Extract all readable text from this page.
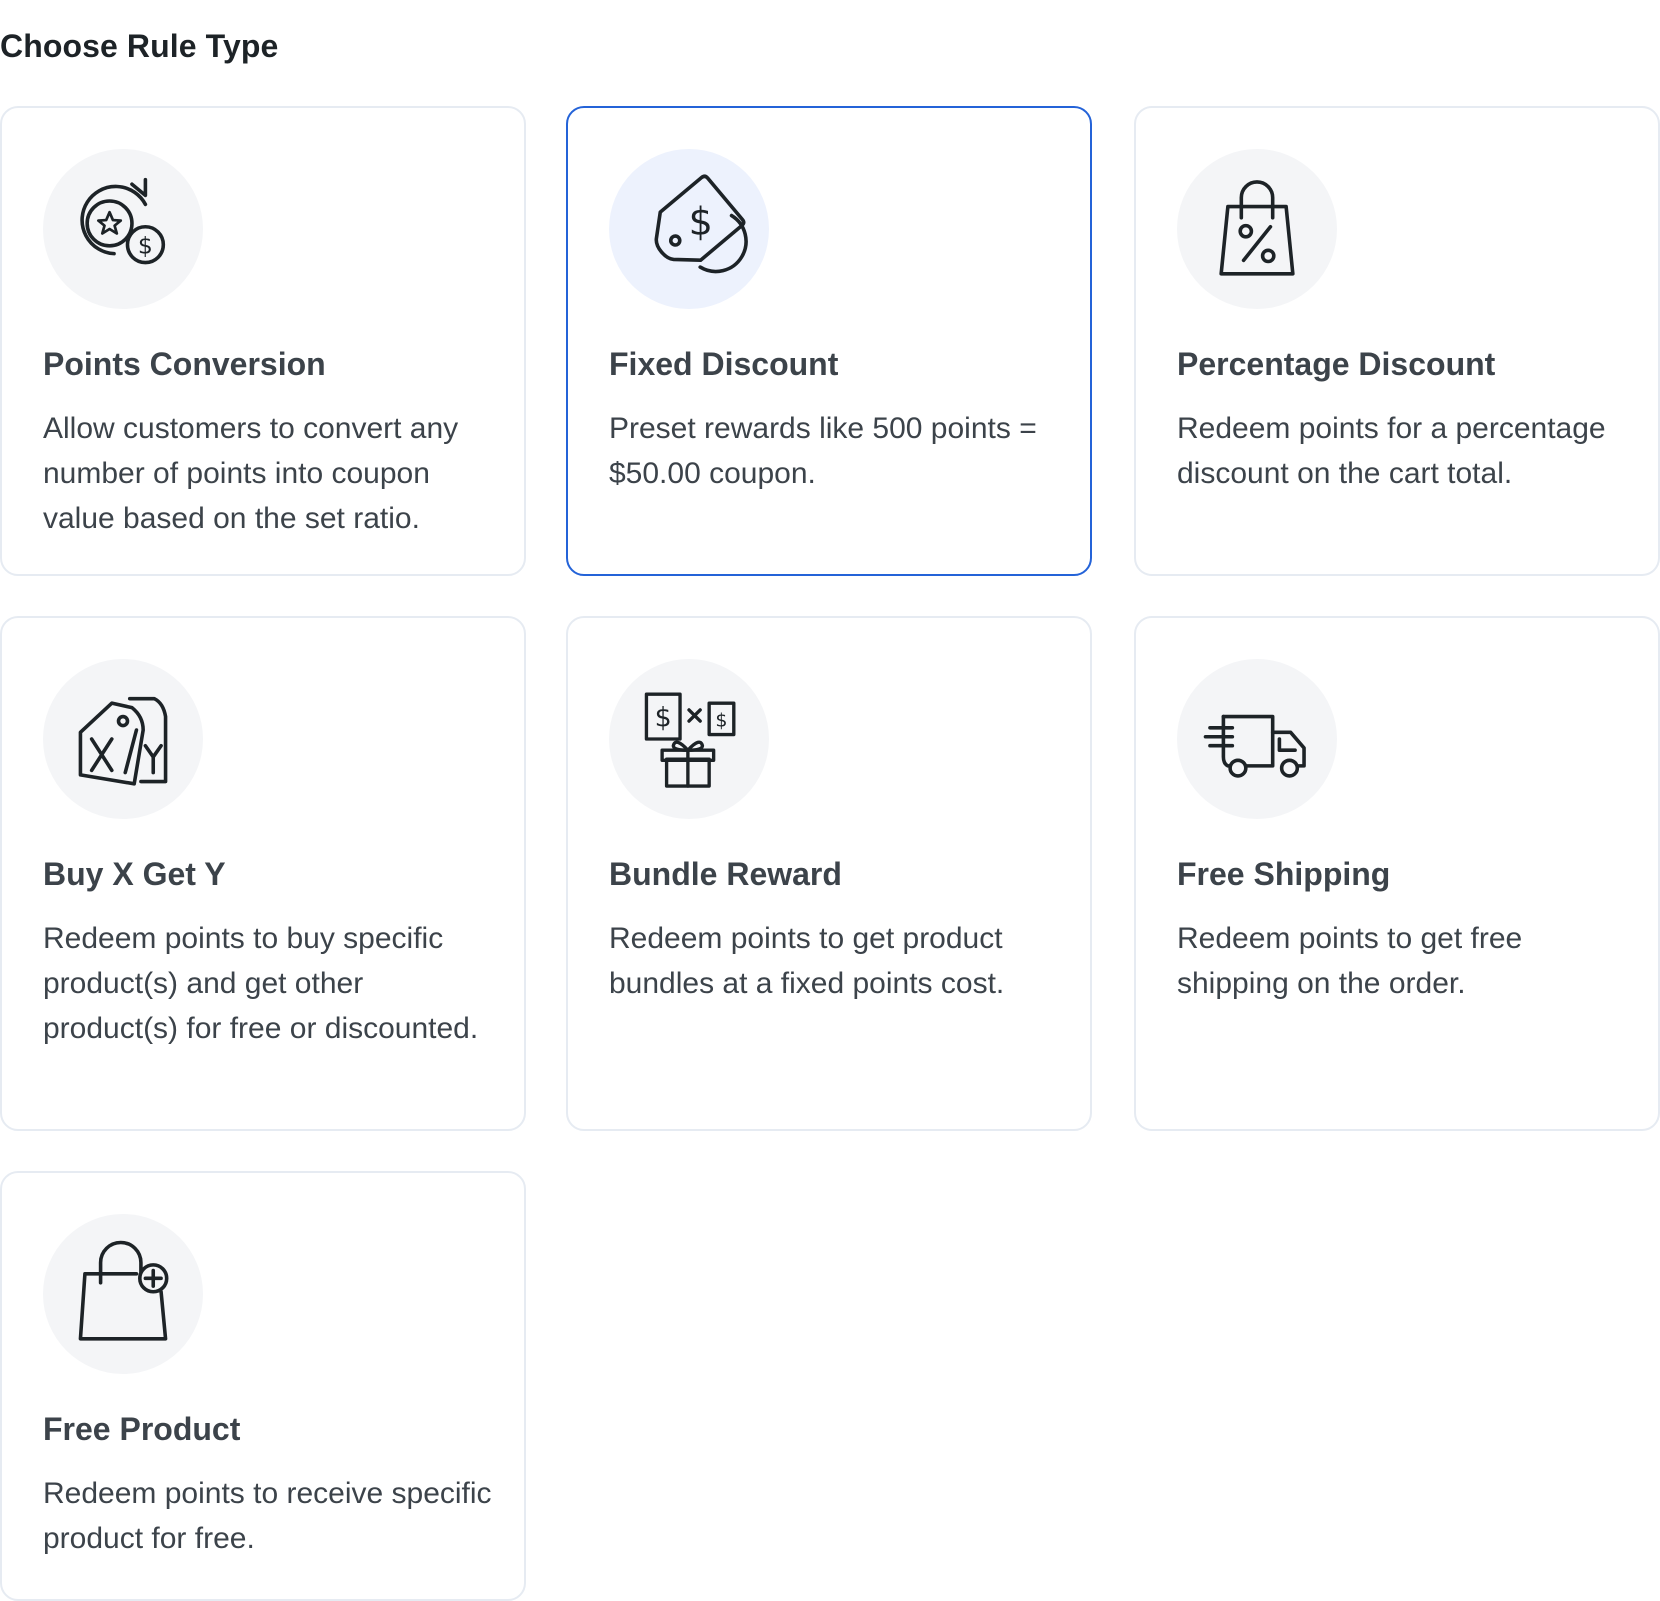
Choose Rule Type
$
Points Conversion

Allow customers to convert any number of points into coupon value based on the set ratio.

$
Fixed Discount

Preset rewards like 500 points = $50.00 coupon.

Percentage Discount

Redeem points for a percentage discount on the cart total.

Buy X Get Y

Redeem points to buy specific product(s) and get other product(s) for free or discounted.

$	$
Bundle Reward

Redeem points to get product bundles at a fixed points cost.

Free Shipping

Redeem points to get free shipping on the order.

Free Product

Redeem points to receive specific product for free.
